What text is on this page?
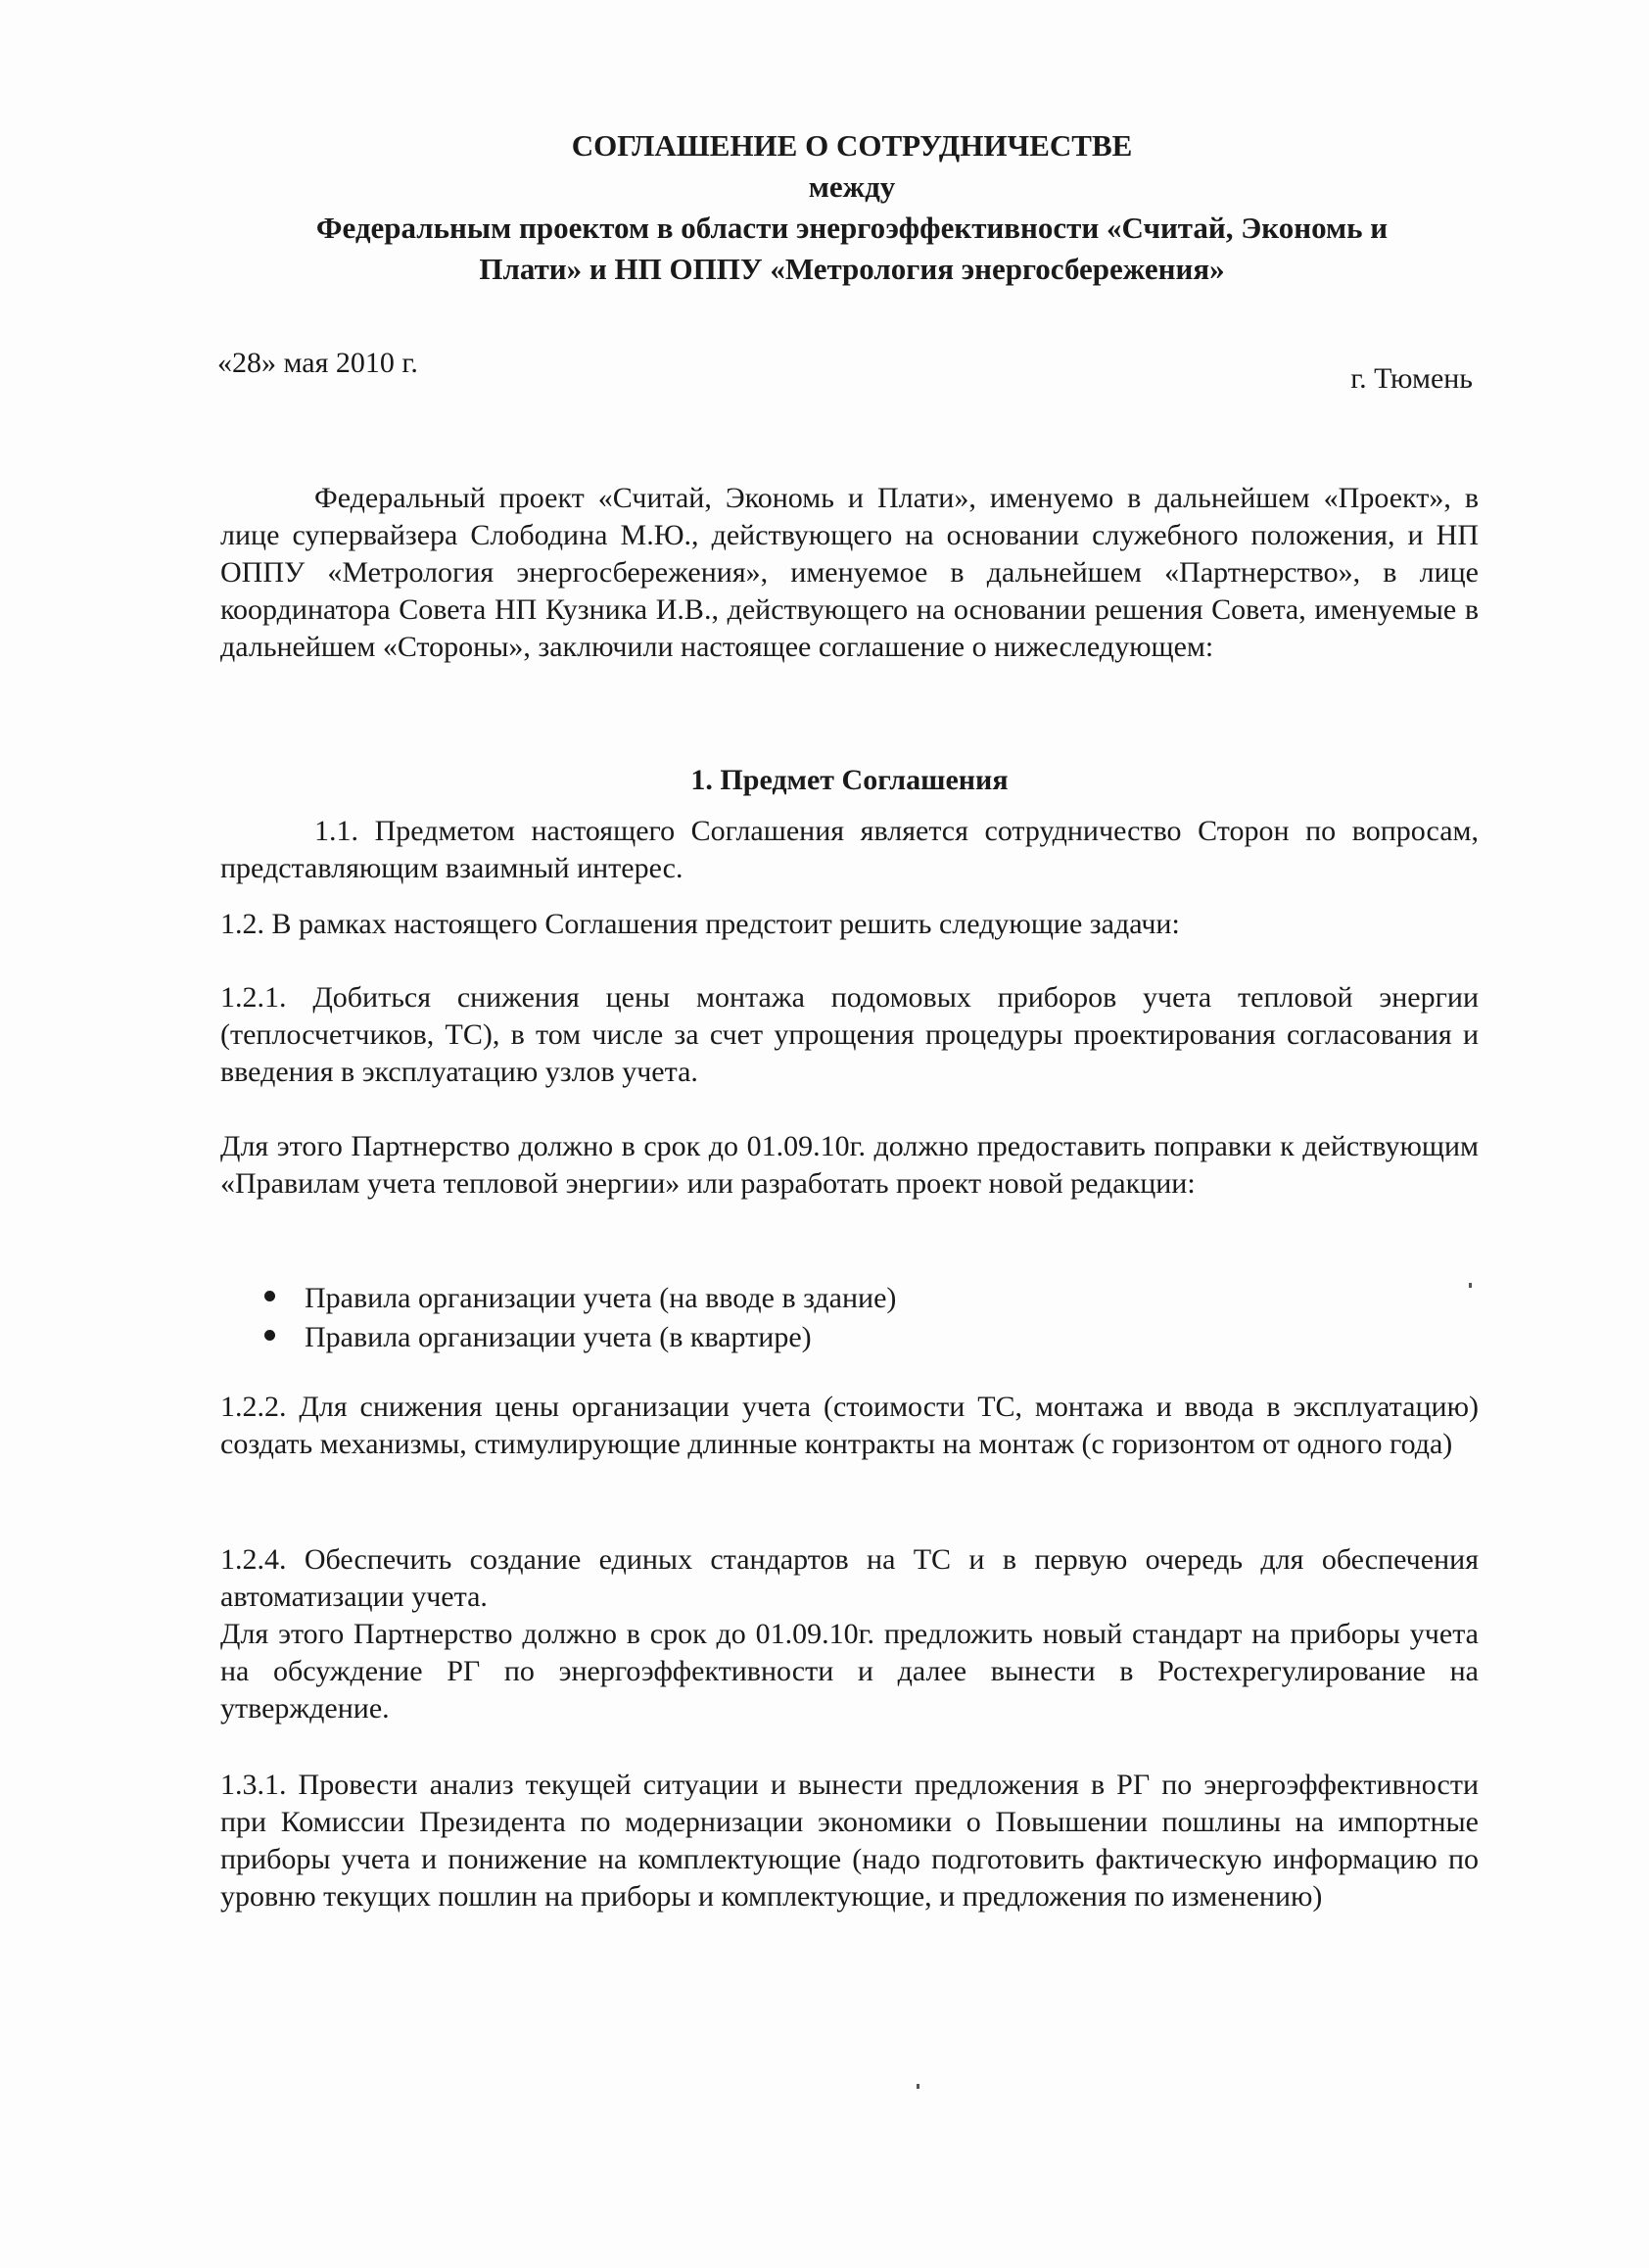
СОГЛАШЕНИЕ О СОТРУДНИЧЕСТВЕ
между
Федеральным проектом в области энергоэффективности «Считай, Экономь и
Плати» и НП ОППУ «Метрология энергосбережения»
«28» мая 2010 г.	г. Тюмень
Федеральный проект «Считай, Экономь и Плати», именуемо в дальнейшем «Проект», в лице супервайзера Слободина М.Ю., действующего на основании служебного положения, и НП ОППУ «Метрология энергосбережения», именуемое в дальнейшем «Партнерство», в лице координатора Совета НП Кузника И.В., действующего на основании решения Совета, именуемые в дальнейшем «Стороны», заключили настоящее соглашение о нижеследующем:
1. Предмет Соглашения
1.1. Предметом настоящего Соглашения является сотрудничество Сторон по вопросам, представляющим взаимный интерес.
1.2. В рамках настоящего Соглашения предстоит решить следующие задачи:
1.2.1. Добиться снижения цены монтажа подомовых приборов учета тепловой энергии (теплосчетчиков, ТС), в том числе за счет упрощения процедуры проектирования согласования и введения в эксплуатацию узлов учета.
Для этого Партнерство должно в срок до 01.09.10г. должно предоставить поправки к действующим «Правилам учета тепловой энергии» или разработать проект новой редакции:
Правила организации учета (на вводе в здание)
Правила организации учета (в квартире)
1.2.2. Для снижения цены организации учета (стоимости ТС, монтажа и ввода в эксплуатацию) создать механизмы, стимулирующие длинные контракты на монтаж (с горизонтом от одного года)
1.2.4. Обеспечить создание единых стандартов на ТС и в первую очередь для обеспечения автоматизации учета.
Для этого Партнерство должно в срок до 01.09.10г. предложить новый стандарт на приборы учета на обсуждение РГ по энергоэффективности и далее вынести в Ростехрегулирование на утверждение.
1.3.1. Провести анализ текущей ситуации и вынести предложения в РГ по энергоэффективности при Комиссии Президента по модернизации экономики о Повышении пошлины на импортные приборы учета и понижение на комплектующие (надо подготовить фактическую информацию по уровню текущих пошлин на приборы и комплектующие, и предложения по изменению)
